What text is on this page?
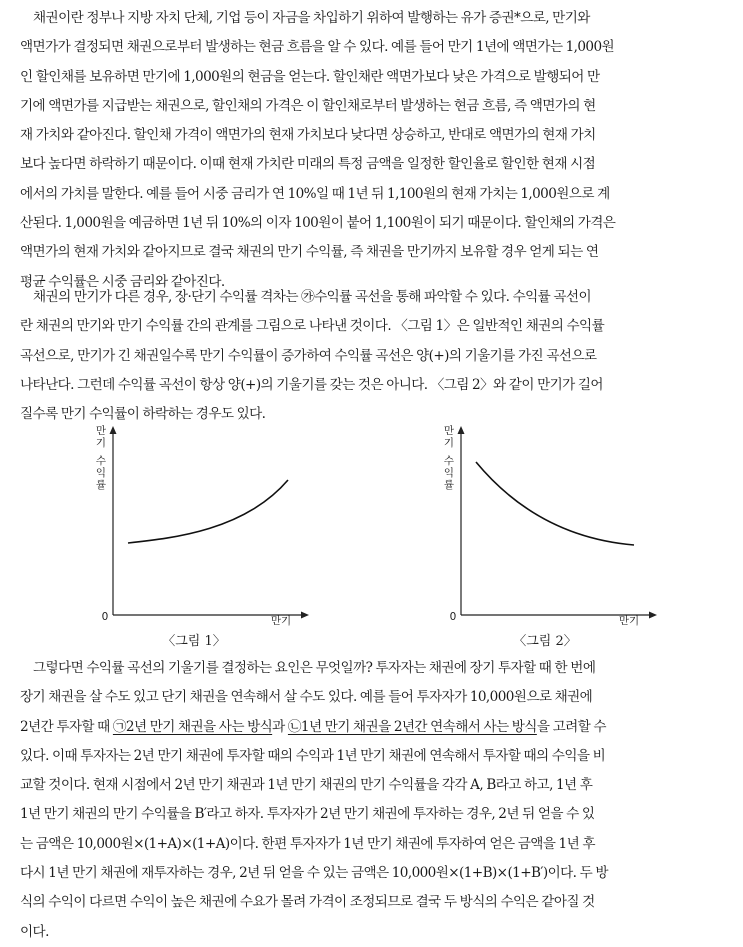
채권이란 정부나 지방 자치 단체, 기업 등이 자금을 차입하기 위하여 발행하는 유가 증권*으로, 만기와
액면가가 결정되면 채권으로부터 발생하는 현금 흐름을 알 수 있다. 예를 들어 만기 1년에 액면가는 1,000원
인 할인채를 보유하면 만기에 1,000원의 현금을 얻는다. 할인채란 액면가보다 낮은 가격으로 발행되어 만
기에 액면가를 지급받는 채권으로, 할인채의 가격은 이 할인채로부터 발생하는 현금 흐름, 즉 액면가의 현
재 가치와 같아진다. 할인채 가격이 액면가의 현재 가치보다 낮다면 상승하고, 반대로 액면가의 현재 가치
보다 높다면 하락하기 때문이다. 이때 현재 가치란 미래의 특정 금액을 일정한 할인율로 할인한 현재 시점
에서의 가치를 말한다. 예를 들어 시중 금리가 연 10%일 때 1년 뒤 1,100원의 현재 가치는 1,000원으로 계
산된다. 1,000원을 예금하면 1년 뒤 10%의 이자 100원이 붙어 1,100원이 되기 때문이다. 할인채의 가격은
액면가의 현재 가치와 같아지므로 결국 채권의 만기 수익률, 즉 채권을 만기까지 보유할 경우 얻게 되는 연
평균 수익률은 시중 금리와 같아진다.
채권의 만기가 다른 경우, 장·단기 수익률 격차는 ㉮수익률 곡선을 통해 파악할 수 있다. 수익률 곡선이
란 채권의 만기와 만기 수익률 간의 관계를 그림으로 나타낸 것이다. 〈그림 1〉은 일반적인 채권의 수익률
곡선으로, 만기가 긴 채권일수록 만기 수익률이 증가하여 수익률 곡선은 양(+)의 기울기를 가진 곡선으로
나타난다. 그런데 수익률 곡선이 항상 양(+)의 기울기를 갖는 것은 아니다. 〈그림 2〉와 같이 만기가 길어
질수록 만기 수익률이 하락하는 경우도 있다.
만
기
수
익
률
0	만기
〈그림 1〉
만
기
수
익
률
0	만기
〈그림 2〉
그렇다면 수익률 곡선의 기울기를 결정하는 요인은 무엇일까? 투자자는 채권에 장기 투자할 때 한 번에
장기 채권을 살 수도 있고 단기 채권을 연속해서 살 수도 있다. 예를 들어 투자자가 10,000원으로 채권에
2년간 투자할 때 ㉠2년 만기 채권을 사는 방식과 ㉡1년 만기 채권을 2년간 연속해서 사는 방식을 고려할 수
있다. 이때 투자자는 2년 만기 채권에 투자할 때의 수익과 1년 만기 채권에 연속해서 투자할 때의 수익을 비
교할 것이다. 현재 시점에서 2년 만기 채권과 1년 만기 채권의 만기 수익률을 각각 A, B라고 하고, 1년 후
1년 만기 채권의 만기 수익률을 B′라고 하자. 투자자가 2년 만기 채권에 투자하는 경우, 2년 뒤 얻을 수 있
는 금액은 10,000원×(1+A)×(1+A)이다. 한편 투자자가 1년 만기 채권에 투자하여 얻은 금액을 1년 후
다시 1년 만기 채권에 재투자하는 경우, 2년 뒤 얻을 수 있는 금액은 10,000원×(1+B)×(1+B′)이다. 두 방
식의 수익이 다르면 수익이 높은 채권에 수요가 몰려 가격이 조정되므로 결국 두 방식의 수익은 같아질 것
이다.
